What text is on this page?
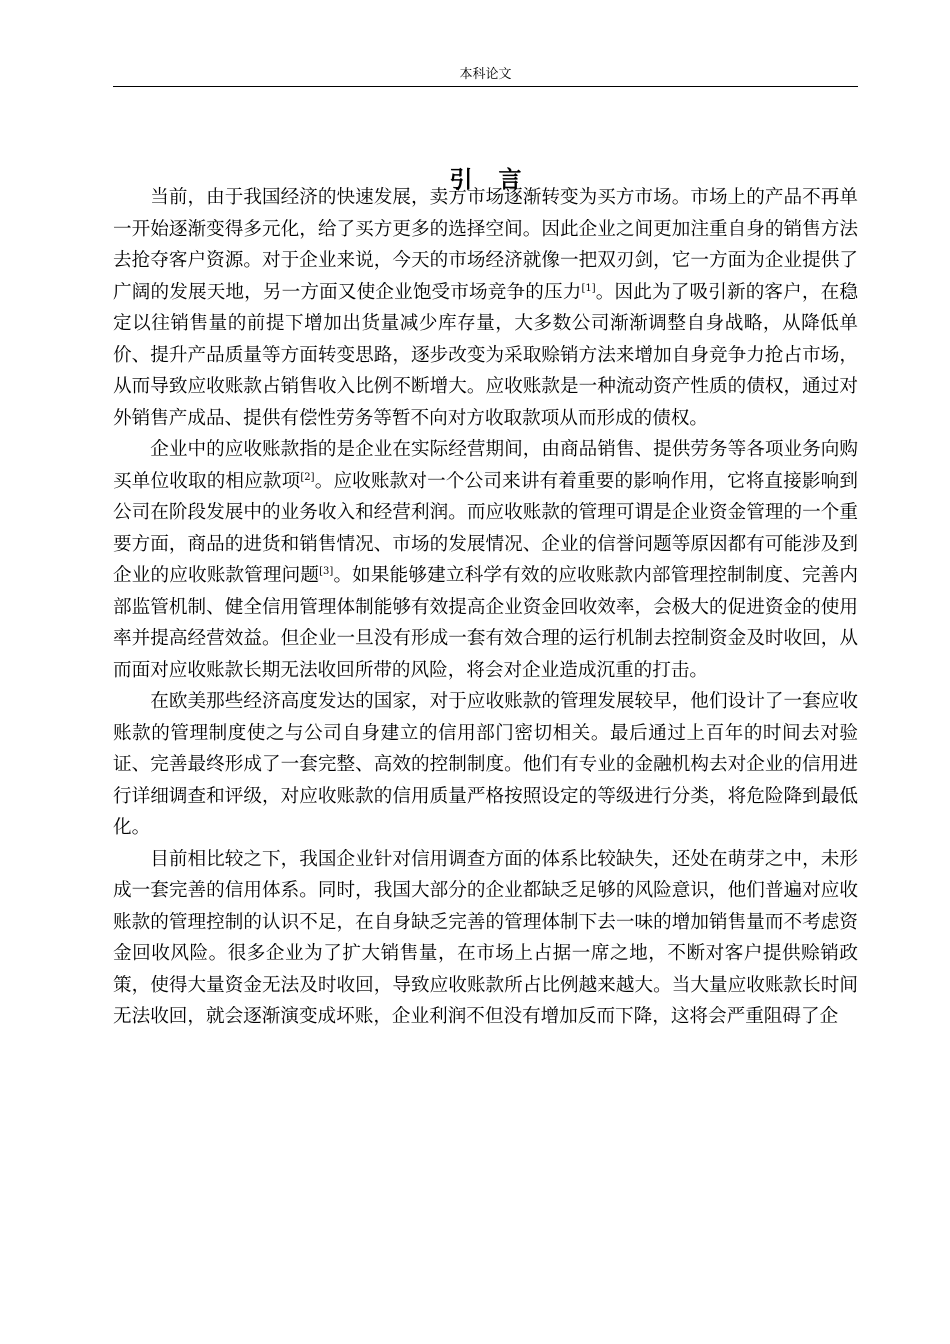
本科论文
引言

当前，由于我国经济的快速发展，卖方市场逐渐转变为买方市场。市场上的产品不再单一开始逐渐变得多元化，给了买方更多的选择空间。因此企业之间更加注重自身的销售方法去抢夺客户资源。对于企业来说，今天的市场经济就像一把双刃剑，它一方面为企业提供了广阔的发展天地，另一方面又使企业饱受市场竞争的压力[1]。因此为了吸引新的客户，在稳定以往销售量的前提下增加出货量减少库存量，大多数公司渐渐调整自身战略，从降低单价、提升产品质量等方面转变思路，逐步改变为采取赊销方法来增加自身竞争力抢占市场，从而导致应收账款占销售收入比例不断增大。应收账款是一种流动资产性质的债权，通过对外销售产成品、提供有偿性劳务等暂不向对方收取款项从而形成的债权。

企业中的应收账款指的是企业在实际经营期间，由商品销售、提供劳务等各项业务向购买单位收取的相应款项[2]。应收账款对一个公司来讲有着重要的影响作用，它将直接影响到公司在阶段发展中的业务收入和经营利润。而应收账款的管理可谓是企业资金管理的一个重要方面，商品的进货和销售情况、市场的发展情况、企业的信誉问题等原因都有可能涉及到企业的应收账款管理问题[3]。如果能够建立科学有效的应收账款内部管理控制制度、完善内部监管机制、健全信用管理体制能够有效提高企业资金回收效率，会极大的促进资金的使用率并提高经营效益。但企业一旦没有形成一套有效合理的运行机制去控制资金及时收回，从而面对应收账款长期无法收回所带的风险，将会对企业造成沉重的打击。

在欧美那些经济高度发达的国家，对于应收账款的管理发展较早，他们设计了一套应收账款的管理制度使之与公司自身建立的信用部门密切相关。最后通过上百年的时间去对验证、完善最终形成了一套完整、高效的控制制度。他们有专业的金融机构去对企业的信用进行详细调查和评级，对应收账款的信用质量严格按照设定的等级进行分类，将危险降到最低化。

目前相比较之下，我国企业针对信用调查方面的体系比较缺失，还处在萌芽之中，未形成一套完善的信用体系。同时，我国大部分的企业都缺乏足够的风险意识，他们普遍对应收账款的管理控制的认识不足，在自身缺乏完善的管理体制下去一味的增加销售量而不考虑资金回收风险。很多企业为了扩大销售量，在市场上占据一席之地，不断对客户提供赊销政策，使得大量资金无法及时收回，导致应收账款所占比例越来越大。当大量应收账款长时间无法收回，就会逐渐演变成坏账，企业利润不但没有增加反而下降，这将会严重阻碍了企
